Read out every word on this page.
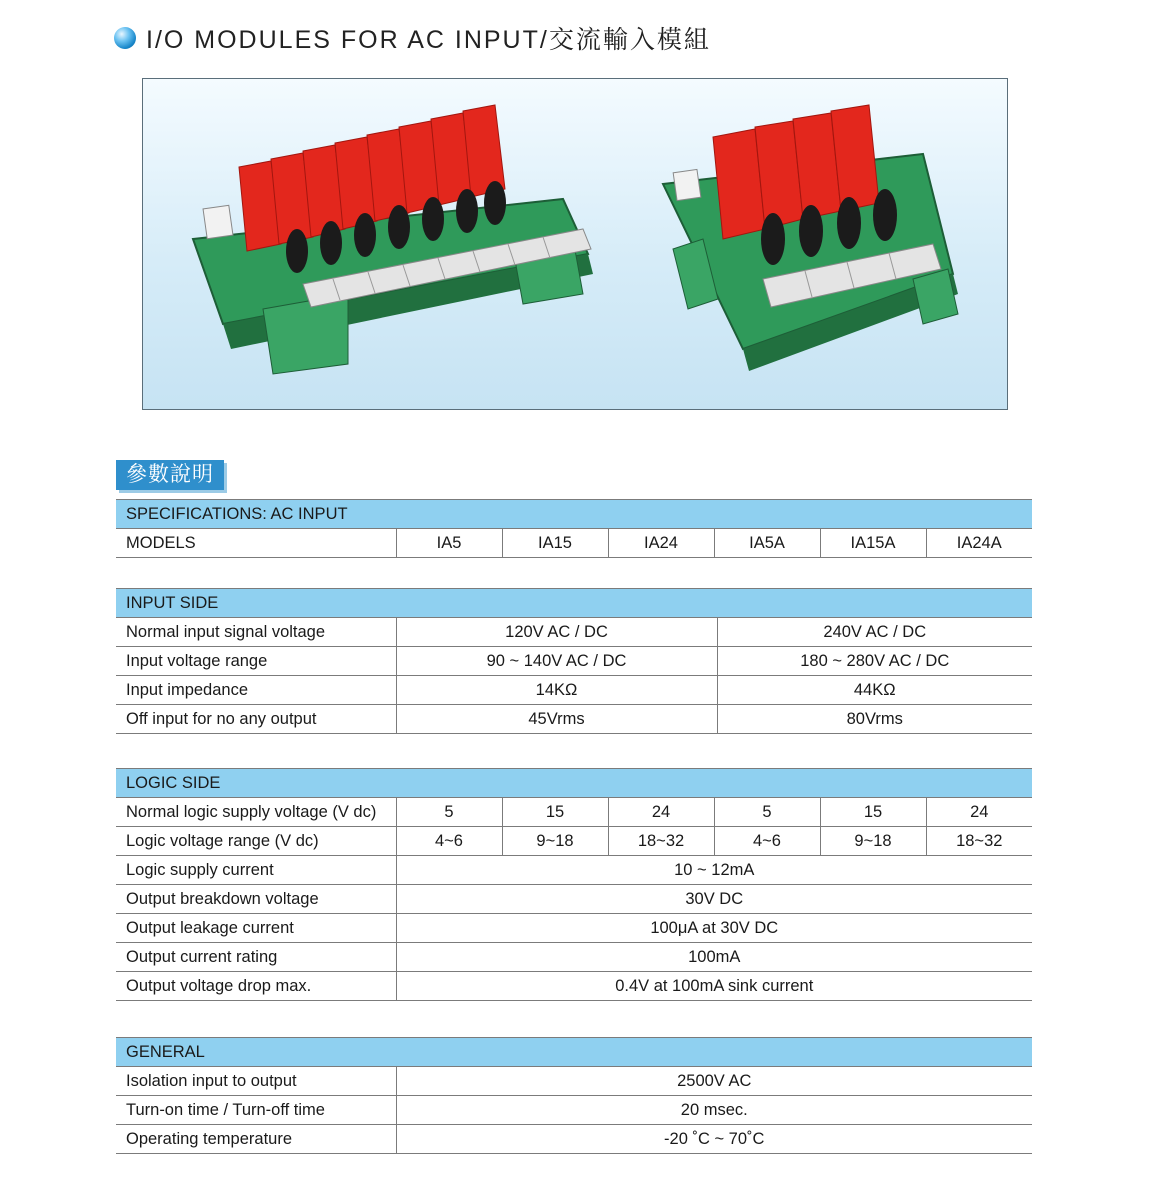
I/O MODULES FOR AC INPUT/交流輸入模組
參數說明
SPECIFICATIONS: AC INPUT
MODELS	IA5	IA15	IA24	IA5A	IA15A	IA24A
INPUT SIDE		
Normal input signal voltage	120V AC / DC	240V AC / DC
Input voltage range	90 ~ 140V AC / DC	180 ~ 280V AC / DC
Input impedance	14KΩ	44KΩ
Off input for no any output	45Vrms	80Vrms
LOGIC SIDE						
Normal logic supply voltage (V dc)	5	15	24	5	15	24
Logic voltage range (V dc)	4~6	9~18	18~32	4~6	9~18	18~32
Logic supply current	10 ~ 12mA					
Output breakdown voltage	30V DC					
Output leakage current	100μA at 30V DC					
Output current rating	100mA					
Output voltage drop max.	0.4V at 100mA sink current					
GENERAL	
Isolation input to output	2500V AC
Turn-on time / Turn-off time	20 msec.
Operating temperature	-20 ˚C ~ 70˚C
